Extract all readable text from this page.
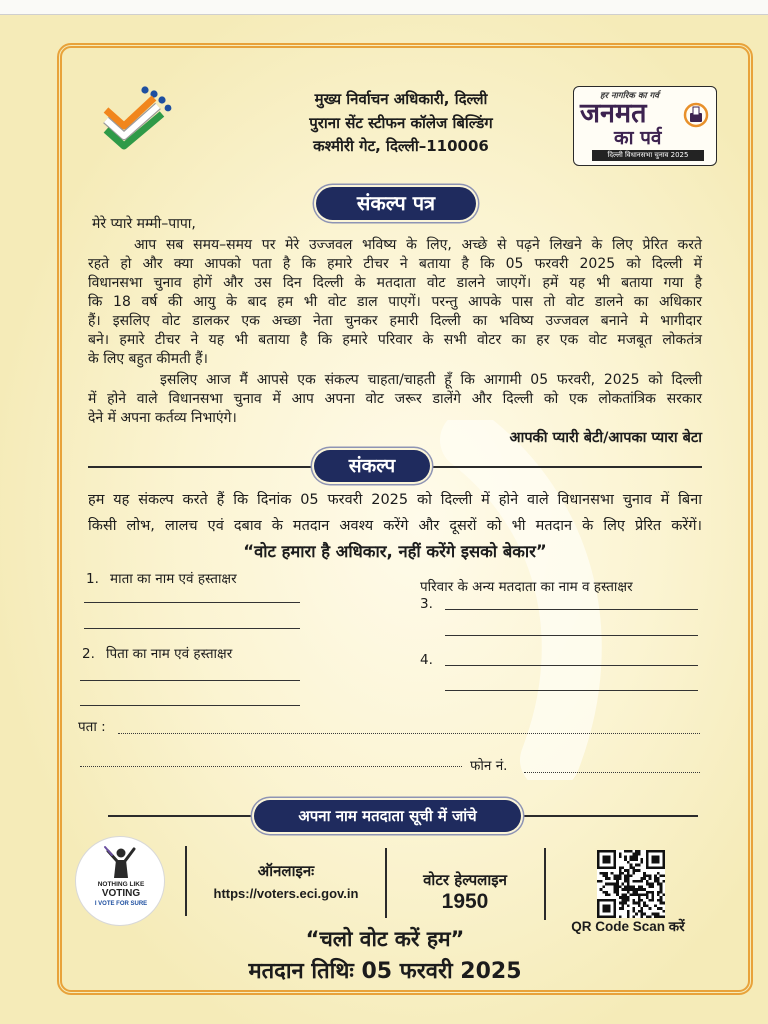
मुख्य निर्वाचन अधिकारी, दिल्ली
पुराना सेंट स्टीफन कॉलेज बिल्डिंग
कश्मीरी गेट, दिल्ली–110006
हर नागरिक का गर्व
जनमत
का पर्व
दिल्ली विधानसभा चुनाव 2025
संकल्प पत्र
मेरे प्यारे मम्मी–पापा,
आप सब समय–समय पर मेरे उज्जवल भविष्य के लिए, अच्छे से पढ़ने लिखने के लिए प्रेरित करते
रहते हो और क्या आपको पता है कि हमारे टीचर ने बताया है कि 05 फरवरी 2025 को दिल्ली में
विधानसभा चुनाव होगें और उस दिन दिल्ली के मतदाता वोट डालने जाएगें। हमें यह भी बताया गया है
कि 18 वर्ष की आयु के बाद हम भी वोट डाल पाएगें। परन्तु आपके पास तो वोट डालने का अधिकार
हैं। इसलिए वोट डालकर एक अच्छा नेता चुनकर हमारी दिल्ली का भविष्य उज्जवल बनाने मे भागीदार
बने। हमारे टीचर ने यह भी बताया है कि हमारे परिवार के सभी वोटर का हर एक वोट मजबूत लोकतंत्र
के लिए बहुत कीमती हैं।
इसलिए आज मैं आपसे एक संकल्प चाहता/चाहती हूँ कि आगामी 05 फरवरी, 2025 को दिल्ली
में होने वाले विधानसभा चुनाव में आप अपना वोट जरूर डालेंगे और दिल्ली को एक लोकतांत्रिक सरकार
देने में अपना कर्तव्य निभाएंगे।
आपकी प्यारी बेटी/आपका प्यारा बेटा
संकल्प
हम यह संकल्प करते हैं कि दिनांक 05 फरवरी 2025 को दिल्ली में होने वाले विधानसभा चुनाव में बिना
किसी लोभ, लालच एवं दबाव के मतदान अवश्य करेंगे और दूसरों को भी मतदान के लिए प्रेरित करेंगें।
“वोट हमारा है अधिकार, नहीं करेंगे इसको बेकार”
1. माता का नाम एवं हस्ताक्षर
2. पिता का नाम एवं हस्ताक्षर
परिवार के अन्य मतदाता का नाम व हस्ताक्षर
3.
4.
पता :
फोन नं.
अपना नाम मतदाता सूची में जांचे
NOTHING LIKE
VOTING
I VOTE FOR SURE
ऑनलाइनः
https://voters.eci.gov.in
वोटर हेल्पलाइन
1950
QR Code Scan करें
“चलो वोट करें हम”
मतदान तिथिः 05 फरवरी 2025
